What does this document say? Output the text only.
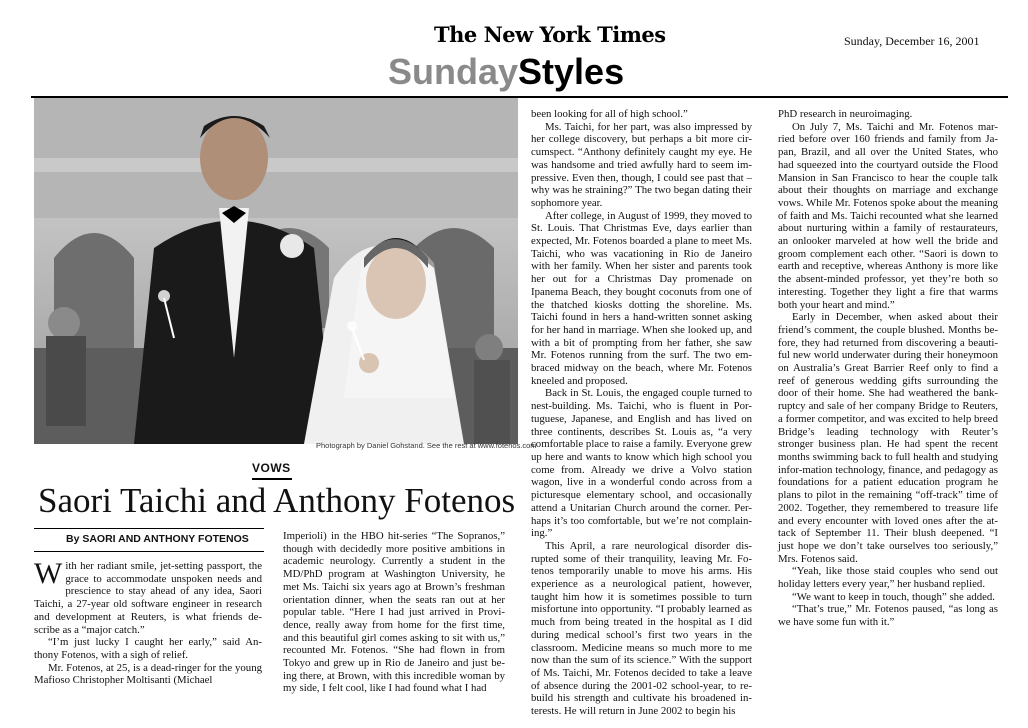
The New York Times	Sunday, December 16, 2001
SundayStyles
Photograph by Daniel Gohstand. See the rest at www.fotenos.com
VOWS
Saori Taichi and Anthony Fotenos
By SAORI AND ANTHONY FOTENOS

With her radiant smile, jet-setting passport, the grace to accommodate unspoken needs and prescience to stay ahead of any idea, Saori Taichi, a 27-year old software engineer in research and development at Reuters, is what friends de-scribe as a “major catch.”

“I’m just lucky I caught her early,” said An-thony Fotenos, with a sigh of relief.

Mr. Fotenos, at 25, is a dead-ringer for the young Mafioso Christopher Moltisanti (Michael

Imperioli) in the HBO hit-series “The Sopranos,” though with decidedly more positive ambitions in academic neurology. Currently a student in the MD/PhD program at Washington University, he met Ms. Taichi six years ago at Brown’s freshman orientation dinner, when the seats ran out at her popular table. “Here I had just arrived in Provi-dence, really away from home for the first time, and this beautiful girl comes asking to sit with us,” recounted Mr. Fotenos. “She had flown in from Tokyo and grew up in Rio de Janeiro and just be-ing there, at Brown, with this incredible woman by my side, I felt cool, like I had found what I had

been looking for all of high school.”

Ms. Taichi, for her part, was also impressed by her college discovery, but perhaps a bit more cir-cumspect. “Anthony definitely caught my eye. He was handsome and tried awfully hard to seem im-pressive. Even then, though, I could see past that – why was he straining?” The two began dating their sophomore year.

After college, in August of 1999, they moved to St. Louis. That Christmas Eve, days earlier than expected, Mr. Fotenos boarded a plane to meet Ms. Taichi, who was vacationing in Rio de Janeiro with her family. When her sister and parents took her out for a Christmas Day promenade on Ipanema Beach, they bought coconuts from one of the thatched kiosks dotting the shoreline. Ms. Taichi found in hers a hand-written sonnet asking for her hand in marriage. When she looked up, and with a bit of prompting from her father, she saw Mr. Fotenos running from the surf. The two em-braced midway on the beach, where Mr. Fotenos kneeled and proposed.

Back in St. Louis, the engaged couple turned to nest-building. Ms. Taichi, who is fluent in Por-tuguese, Japanese, and English and has lived on three continents, describes St. Louis as, “a very comfortable place to raise a family. Everyone grew up here and wants to know which high school you come from. Already we drive a Volvo station wagon, live in a wonderful condo across from a picturesque elementary school, and occasionally attend a Unitarian Church around the corner. Per-haps it’s too comfortable, but we’re not complain-ing.”

This April, a rare neurological disorder dis-rupted some of their tranquility, leaving Mr. Fo-tenos temporarily unable to move his arms. His experience as a neurological patient, however, taught him how it is sometimes possible to turn misfortune into opportunity. “I probably learned as much from being treated in the hospital as I did during medical school’s first two years in the classroom. Medicine means so much more to me now than the sum of its science.” With the support of Ms. Taichi, Mr. Fotenos decided to take a leave of absence during the 2001-02 school-year, to re-build his strength and cultivate his broadened in-terests. He will return in June 2002 to begin his

PhD research in neuroimaging.

On July 7, Ms. Taichi and Mr. Fotenos mar-ried before over 160 friends and family from Ja-pan, Brazil, and all over the United States, who had squeezed into the courtyard outside the Flood Mansion in San Francisco to hear the couple talk about their thoughts on marriage and exchange vows. While Mr. Fotenos spoke about the meaning of faith and Ms. Taichi recounted what she learned about nurturing within a family of restaurateurs, an onlooker marveled at how well the bride and groom complement each other. “Saori is down to earth and receptive, whereas Anthony is more like the absent-minded professor, yet they’re both so interesting. Together they light a fire that warms both your heart and mind.”

Early in December, when asked about their friend’s comment, the couple blushed. Months be-fore, they had returned from discovering a beauti-ful new world underwater during their honeymoon on Australia’s Great Barrier Reef only to find a reef of generous wedding gifts surrounding the door of their home. She had weathered the bank-ruptcy and sale of her company Bridge to Reuters, a former competitor, and was excited to help breed Bridge’s leading technology with Reuter’s stronger business plan. He had spent the recent months swimming back to full health and studying infor-mation technology, finance, and pedagogy as foundations for a patient education program he plans to pilot in the remaining “off-track” time of 2002. Together, they remembered to treasure life and every encounter with loved ones after the at-tack of September 11. Their blush deepened. “I just hope we don’t take ourselves too seriously,” Mrs. Fotenos said.

“Yeah, like those staid couples who send out holiday letters every year,” her husband replied.

“We want to keep in touch, though” she added.

“That’s true,” Mr. Fotenos paused, “as long as we have some fun with it.”
